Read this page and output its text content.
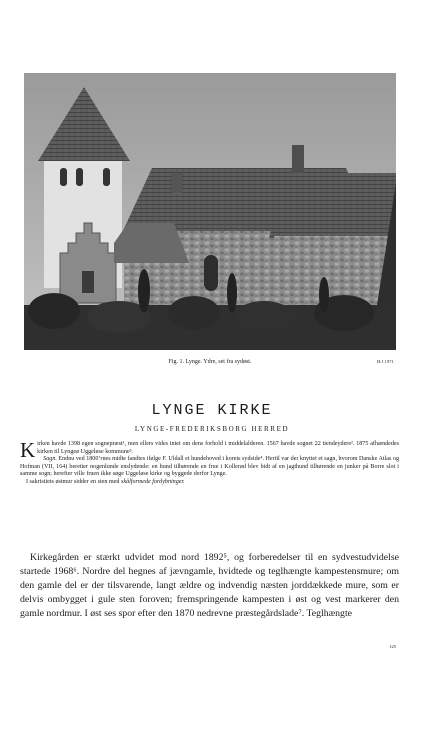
Fig. 1. Lynge. Ydre, set fra sydøst.	H.J.1971
LYNGE KIRKE
LYNGE-FREDERIKSBORG HERRED

Kirken havde 1398 egen sognepræst¹, men ellers vides intet om dens forhold i middelalderen. 1567 havde sognet 22 tiendeydere². 1875 afhændedes kirken til Lyngeø Uggeløse kommune³.

Sagn. Endnu ved 1800’rnes midte fandtes ifølge F. Uldall et hundehoved i korets sydside⁴. Hertil var der knyttet et sagn, hvorom Danske Atlas og Hofman (VII, 164) beretter nogenlunde enslydende: en hund tilhørende en frue i Kollerød blev bidt af en jagthund tilhørende en junker på Borre slot i samme sogn; herefter ville fruen ikke søge Uggeløse kirke og byggede derfor Lynge.

I sakristiets østmur sidder en sten med skålformede fordybninger.

Kirkegården er stærkt udvidet mod nord 1892⁵, og forberedelser til en sydvestudvidelse startede 1968⁶. Nordre del hegnes af jævngamle, hvidtede og teglhængte kampestensmure; om den gamle del er der tilsvarende, langt ældre og indvendig næsten jorddækkede mure, som er delvis ombygget i gule sten foroven; fremspringende kampesten i øst og vest markerer den gamle nordmur. I øst ses spor efter den 1870 nedrevne præstegårdslade⁷. Teglhængte

125
